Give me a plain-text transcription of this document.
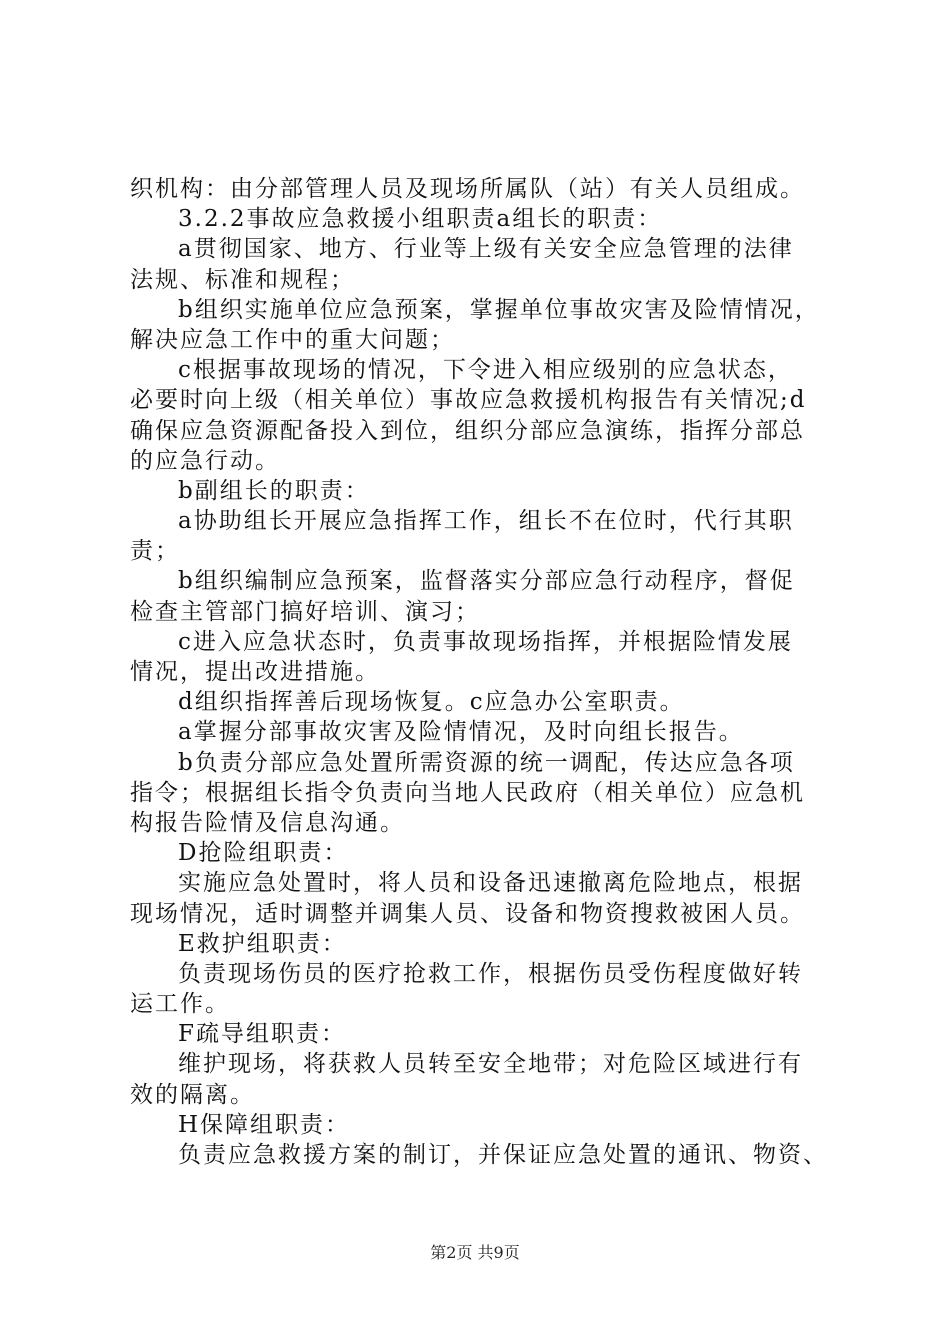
织机构：由分部管理人员及现场所属队（站）有关人员组成。
3.2.2事故应急救援小组职责a组长的职责：
a贯彻国家、地方、行业等上级有关安全应急管理的法律
法规、标准和规程；
b组织实施单位应急预案，掌握单位事故灾害及险情情况，
解决应急工作中的重大问题；
c根据事故现场的情况，下令进入相应级别的应急状态，
必要时向上级（相关单位）事故应急救援机构报告有关情况;d
确保应急资源配备投入到位，组织分部应急演练，指挥分部总
的应急行动。
b副组长的职责：
a协助组长开展应急指挥工作，组长不在位时，代行其职
责；
b组织编制应急预案，监督落实分部应急行动程序，督促
检查主管部门搞好培训、演习；
c进入应急状态时，负责事故现场指挥，并根据险情发展
情况，提出改进措施。
d组织指挥善后现场恢复。c应急办公室职责。
a掌握分部事故灾害及险情情况，及时向组长报告。
b负责分部应急处置所需资源的统一调配，传达应急各项
指令；根据组长指令负责向当地人民政府（相关单位）应急机
构报告险情及信息沟通。
D抢险组职责：
实施应急处置时，将人员和设备迅速撤离危险地点，根据
现场情况，适时调整并调集人员、设备和物资搜救被困人员。
E救护组职责：
负责现场伤员的医疗抢救工作，根据伤员受伤程度做好转
运工作。
F疏导组职责：
维护现场，将获救人员转至安全地带；对危险区域进行有
效的隔离。
H保障组职责：
负责应急救援方案的制订，并保证应急处置的通讯、物资、
第2页 共9页
